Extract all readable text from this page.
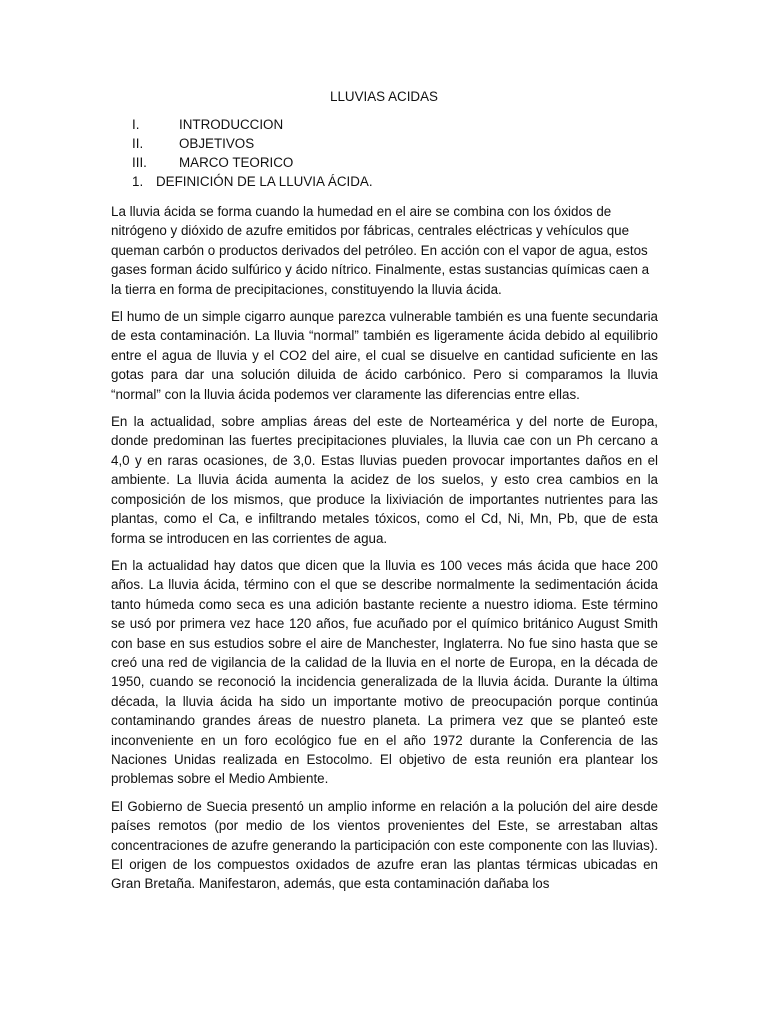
LLUVIAS ACIDAS
I.	INTRODUCCION
II.	OBJETIVOS
III.	MARCO TEORICO
1. DEFINICIÓN DE LA LLUVIA ÁCIDA.

La lluvia ácida se forma cuando la humedad en el aire se combina con los óxidos de nitrógeno y dióxido de azufre emitidos por fábricas, centrales eléctricas y vehículos que queman carbón o productos derivados del petróleo. En acción con el vapor de agua, estos gases forman ácido sulfúrico y ácido nítrico. Finalmente, estas sustancias químicas caen a la tierra en forma de precipitaciones, constituyendo la lluvia ácida.

El humo de un simple cigarro aunque parezca vulnerable también es una fuente secundaria de esta contaminación. La lluvia “normal” también es ligeramente ácida debido al equilibrio entre el agua de lluvia y el CO2 del aire, el cual se disuelve en cantidad suficiente en las gotas para dar una solución diluida de ácido carbónico. Pero si comparamos la lluvia “normal” con la lluvia ácida podemos ver claramente las diferencias entre ellas.

En la actualidad, sobre amplias áreas del este de Norteamérica y del norte de Europa, donde predominan las fuertes precipitaciones pluviales, la lluvia cae con un Ph cercano a 4,0 y en raras ocasiones, de 3,0. Estas lluvias pueden provocar importantes daños en el ambiente. La lluvia ácida aumenta la acidez de los suelos, y esto crea cambios en la composición de los mismos, que produce la lixiviación de importantes nutrientes para las plantas, como el Ca, e infiltrando metales tóxicos, como el Cd, Ni, Mn, Pb, que de esta forma se introducen en las corrientes de agua.

En la actualidad hay datos que dicen que la lluvia es 100 veces más ácida que hace 200 años. La lluvia ácida, término con el que se describe normalmente la sedimentación ácida tanto húmeda como seca es una adición bastante reciente a nuestro idioma. Este término se usó por primera vez hace 120 años, fue acuñado por el químico británico August Smith con base en sus estudios sobre el aire de Manchester, Inglaterra. No fue sino hasta que se creó una red de vigilancia de la calidad de la lluvia en el norte de Europa, en la década de 1950, cuando se reconoció la incidencia generalizada de la lluvia ácida. Durante la última década, la lluvia ácida ha sido un importante motivo de preocupación porque continúa contaminando grandes áreas de nuestro planeta. La primera vez que se planteó este inconveniente en un foro ecológico fue en el año 1972 durante la Conferencia de las Naciones Unidas realizada en Estocolmo. El objetivo de esta reunión era plantear los problemas sobre el Medio Ambiente.

El Gobierno de Suecia presentó un amplio informe en relación a la polución del aire desde países remotos (por medio de los vientos provenientes del Este, se arrestaban altas concentraciones de azufre generando la participación con este componente con las lluvias). El origen de los compuestos oxidados de azufre eran las plantas térmicas ubicadas en Gran Bretaña. Manifestaron, además, que esta contaminación dañaba los
